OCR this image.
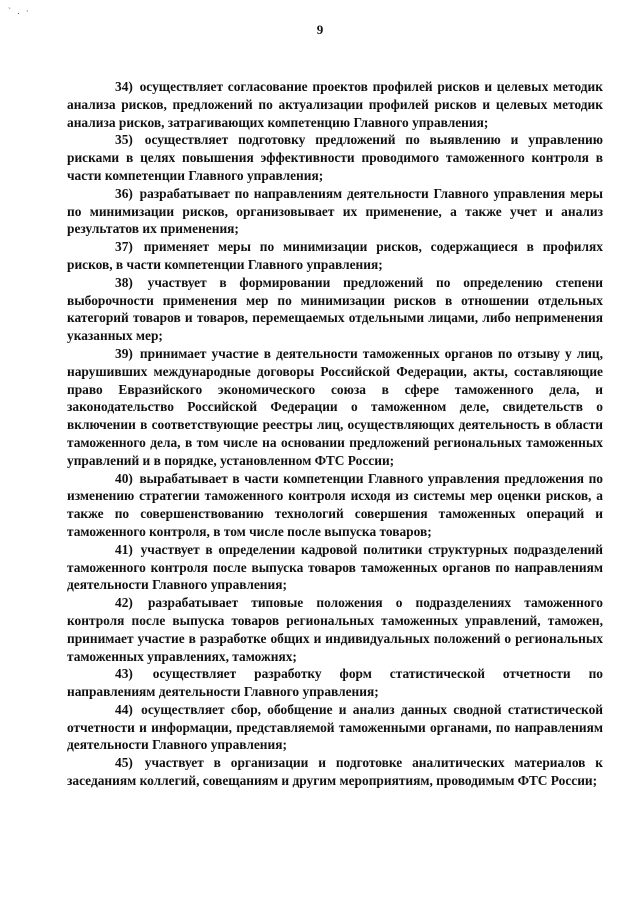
` . ·
9

34) осуществляет согласование проектов профилей рисков и целевых методик анализа рисков, предложений по актуализации профилей рисков и целевых методик анализа рисков, затрагивающих компетенцию Главного управления;

35) осуществляет подготовку предложений по выявлению и управлению рисками в целях повышения эффективности проводимого таможенного контроля в части компетенции Главного управления;

36) разрабатывает по направлениям деятельности Главного управления меры по минимизации рисков, организовывает их применение, а также учет и анализ результатов их применения;

37) применяет меры по минимизации рисков, содержащиеся в профилях рисков, в части компетенции Главного управления;

38) участвует в формировании предложений по определению степени выборочности применения мер по минимизации рисков в отношении отдельных категорий товаров и товаров, перемещаемых отдельными лицами, либо неприменения указанных мер;

39) принимает участие в деятельности таможенных органов по отзыву у лиц, нарушивших международные договоры Российской Федерации, акты, составляющие право Евразийского экономического союза в сфере таможенного дела, и законодательство Российской Федерации о таможенном деле, свидетельств о включении в соответствующие реестры лиц, осуществляющих деятельность в области таможенного дела, в том числе на основании предложений региональных таможенных управлений и в порядке, установленном ФТС России;

40) вырабатывает в части компетенции Главного управления предложения по изменению стратегии таможенного контроля исходя из системы мер оценки рисков, а также по совершенствованию технологий совершения таможенных операций и таможенного контроля, в том числе после выпуска товаров;

41) участвует в определении кадровой политики структурных подразделений таможенного контроля после выпуска товаров таможенных органов по направлениям деятельности Главного управления;

42) разрабатывает типовые положения о подразделениях таможенного контроля после выпуска товаров региональных таможенных управлений, таможен, принимает участие в разработке общих и индивидуальных положений о региональных таможенных управлениях, таможнях;

43) осуществляет разработку форм статистической отчетности по направлениям деятельности Главного управления;

44) осуществляет сбор, обобщение и анализ данных сводной статистической отчетности и информации, представляемой таможенными органами, по направлениям деятельности Главного управления;

45) участвует в организации и подготовке аналитических материалов к заседаниям коллегий, совещаниям и другим мероприятиям, проводимым ФТС России;
